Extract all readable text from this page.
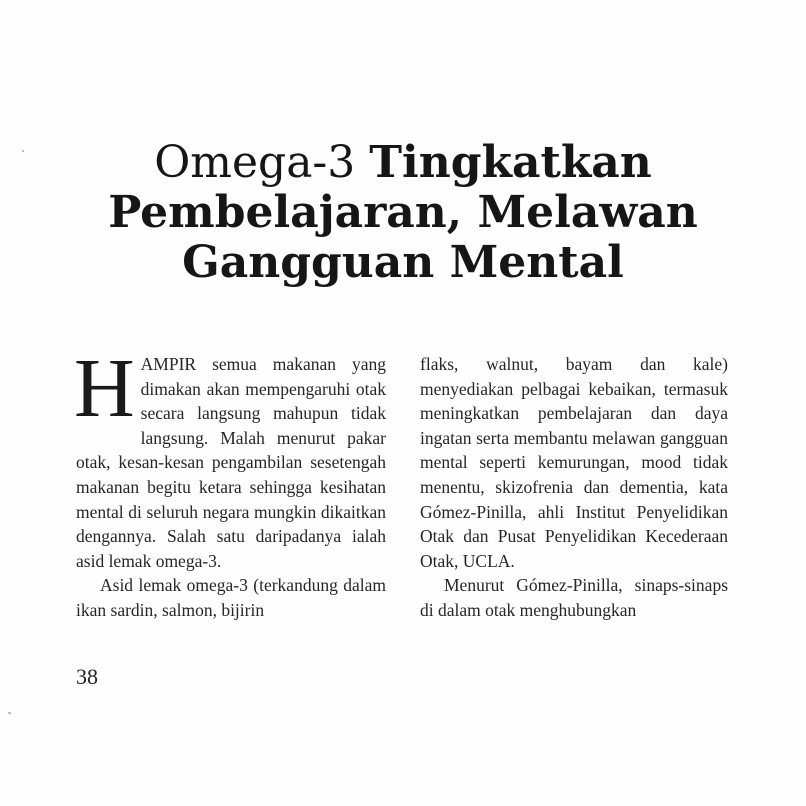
Omega-3 Tingkatkan Pembelajaran, Melawan Gangguan Mental

HAMPIR semua makanan yang dimakan akan mempengaruhi otak secara langsung mahupun tidak langsung. Malah menurut pakar otak, kesan-kesan pengambilan sesetengah makanan begitu ketara sehingga kesihatan mental di seluruh negara mungkin dikaitkan dengannya. Salah satu daripadanya ialah asid lemak omega-3.

Asid lemak omega-3 (terkandung dalam ikan sardin, salmon, bijirin

flaks, walnut, bayam dan kale) menyediakan pelbagai kebaikan, termasuk meningkatkan pembelajaran dan daya ingatan serta membantu melawan gangguan mental seperti kemurungan, mood tidak menentu, skizofrenia dan dementia, kata Gómez-Pinilla, ahli Institut Penyelidikan Otak dan Pusat Penyelidikan Kecederaan Otak, UCLA.

Menurut Gómez-Pinilla, sinaps-sinaps di dalam otak menghubungkan

38
